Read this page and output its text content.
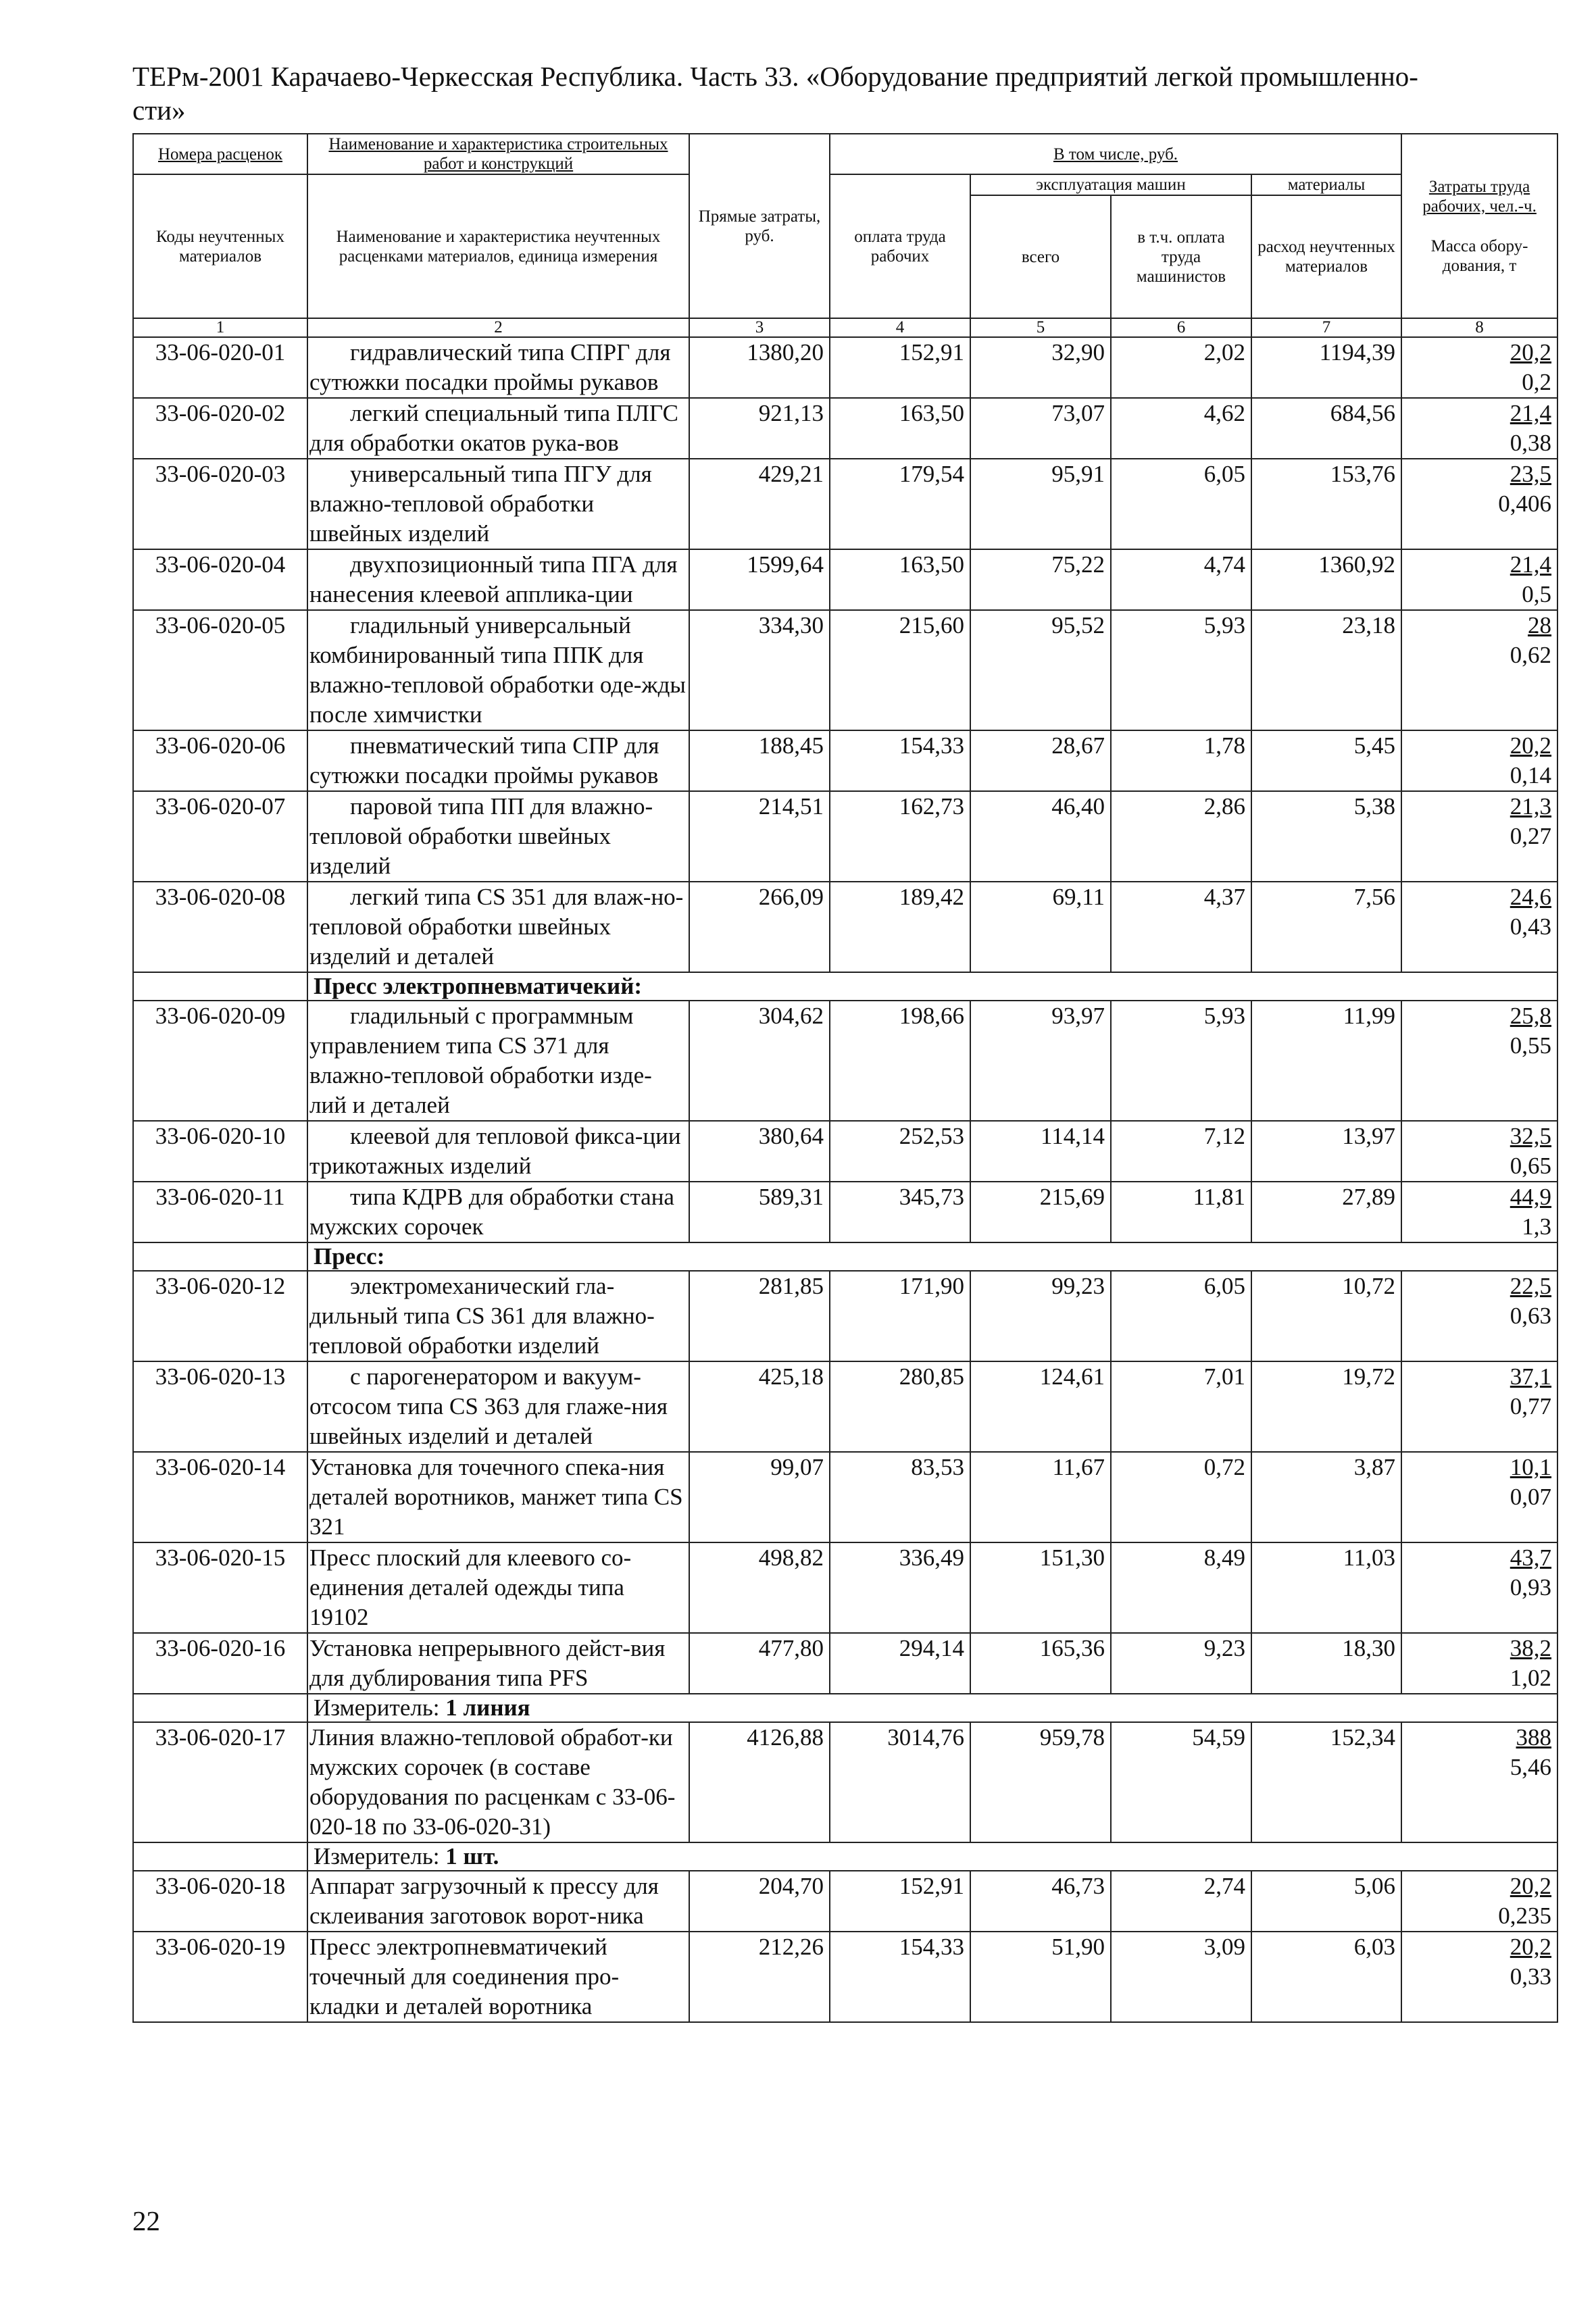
ТЕРм-2001 Карачаево-Черкесская Республика. Часть 33. «Оборудование предприятий легкой промышленно-сти»
Номера расценок	Наименование и характеристика строительных работ и конструкций	Прямые затраты, руб.	В том числе, руб.				Затраты труда рабочих, чел.-ч.
Масса обору-дования, т

Коды неучтенных материалов	Наименование и характеристика неучтенных расценками материалов, единица измерения		оплата труда рабочих	эксплуатация машин		материалы	
				всего	в т.ч. оплата труда машинистов	расход неучтенных материалов	
1	2	3	4	5	6	7	8
33-06-020-01	гидравлический типа СПРГ для сутюжки посадки проймы рукавов	1380,20	152,91	32,90	2,02	1194,39	20,2
0,2

33-06-020-02	легкий специальный типа ПЛГС для обработки окатов рука-вов	921,13	163,50	73,07	4,62	684,56	21,4
0,38

33-06-020-03	универсальный типа ПГУ для влажно-тепловой обработки швейных изделий	429,21	179,54	95,91	6,05	153,76	23,5
0,406

33-06-020-04	двухпозиционный типа ПГА для нанесения клеевой апплика-ции	1599,64	163,50	75,22	4,74	1360,92	21,4
0,5

33-06-020-05	гладильный универсальный комбинированный типа ППК для влажно-тепловой обработки оде-жды после химчистки	334,30	215,60	95,52	5,93	23,18	28
0,62

33-06-020-06	пневматический типа СПР для сутюжки посадки проймы рукавов	188,45	154,33	28,67	1,78	5,45	20,2
0,14

33-06-020-07	паровой типа ПП для влажно-тепловой обработки швейных изделий	214,51	162,73	46,40	2,86	5,38	21,3
0,27

33-06-020-08	легкий типа CS 351 для влаж-но-тепловой обработки швейных изделий и деталей	266,09	189,42	69,11	4,37	7,56	24,6
0,43

	Пресс электропневматичекий:						
33-06-020-09	гладильный с программным управлением типа CS 371 для влажно-тепловой обработки изде-лий и деталей	304,62	198,66	93,97	5,93	11,99	25,8
0,55

33-06-020-10	клеевой для тепловой фикса-ции трикотажных изделий	380,64	252,53	114,14	7,12	13,97	32,5
0,65

33-06-020-11	типа КДРВ для обработки стана мужских сорочек	589,31	345,73	215,69	11,81	27,89	44,9
1,3

	Пресс:						
33-06-020-12	электромеханический гла-дильный типа CS 361 для влажно-тепловой обработки изделий	281,85	171,90	99,23	6,05	10,72	22,5
0,63

33-06-020-13	с парогенератором и вакуум-отсосом типа CS 363 для глаже-ния швейных изделий и деталей	425,18	280,85	124,61	7,01	19,72	37,1
0,77

33-06-020-14	Установка для точечного спека-ния деталей воротников, манжет типа CS 321	99,07	83,53	11,67	0,72	3,87	10,1
0,07

33-06-020-15	Пресс плоский для клеевого со-единения деталей одежды типа 19102	498,82	336,49	151,30	8,49	11,03	43,7
0,93

33-06-020-16	Установка непрерывного дейст-вия для дублирования типа PFS	477,80	294,14	165,36	9,23	18,30	38,2
1,02

	Измеритель: 1 линия						
33-06-020-17	Линия влажно-тепловой обработ-ки мужских сорочек (в составе оборудования по расценкам с 33-06-020-18 по 33-06-020-31)	4126,88	3014,76	959,78	54,59	152,34	388
5,46

	Измеритель: 1 шт.						
33-06-020-18	Аппарат загрузочный к прессу для склеивания заготовок ворот-ника	204,70	152,91	46,73	2,74	5,06	20,2
0,235

33-06-020-19	Пресс электропневматичекий точечный для соединения про-кладки и деталей воротника	212,26	154,33	51,90	3,09	6,03	20,2
0,33
22
